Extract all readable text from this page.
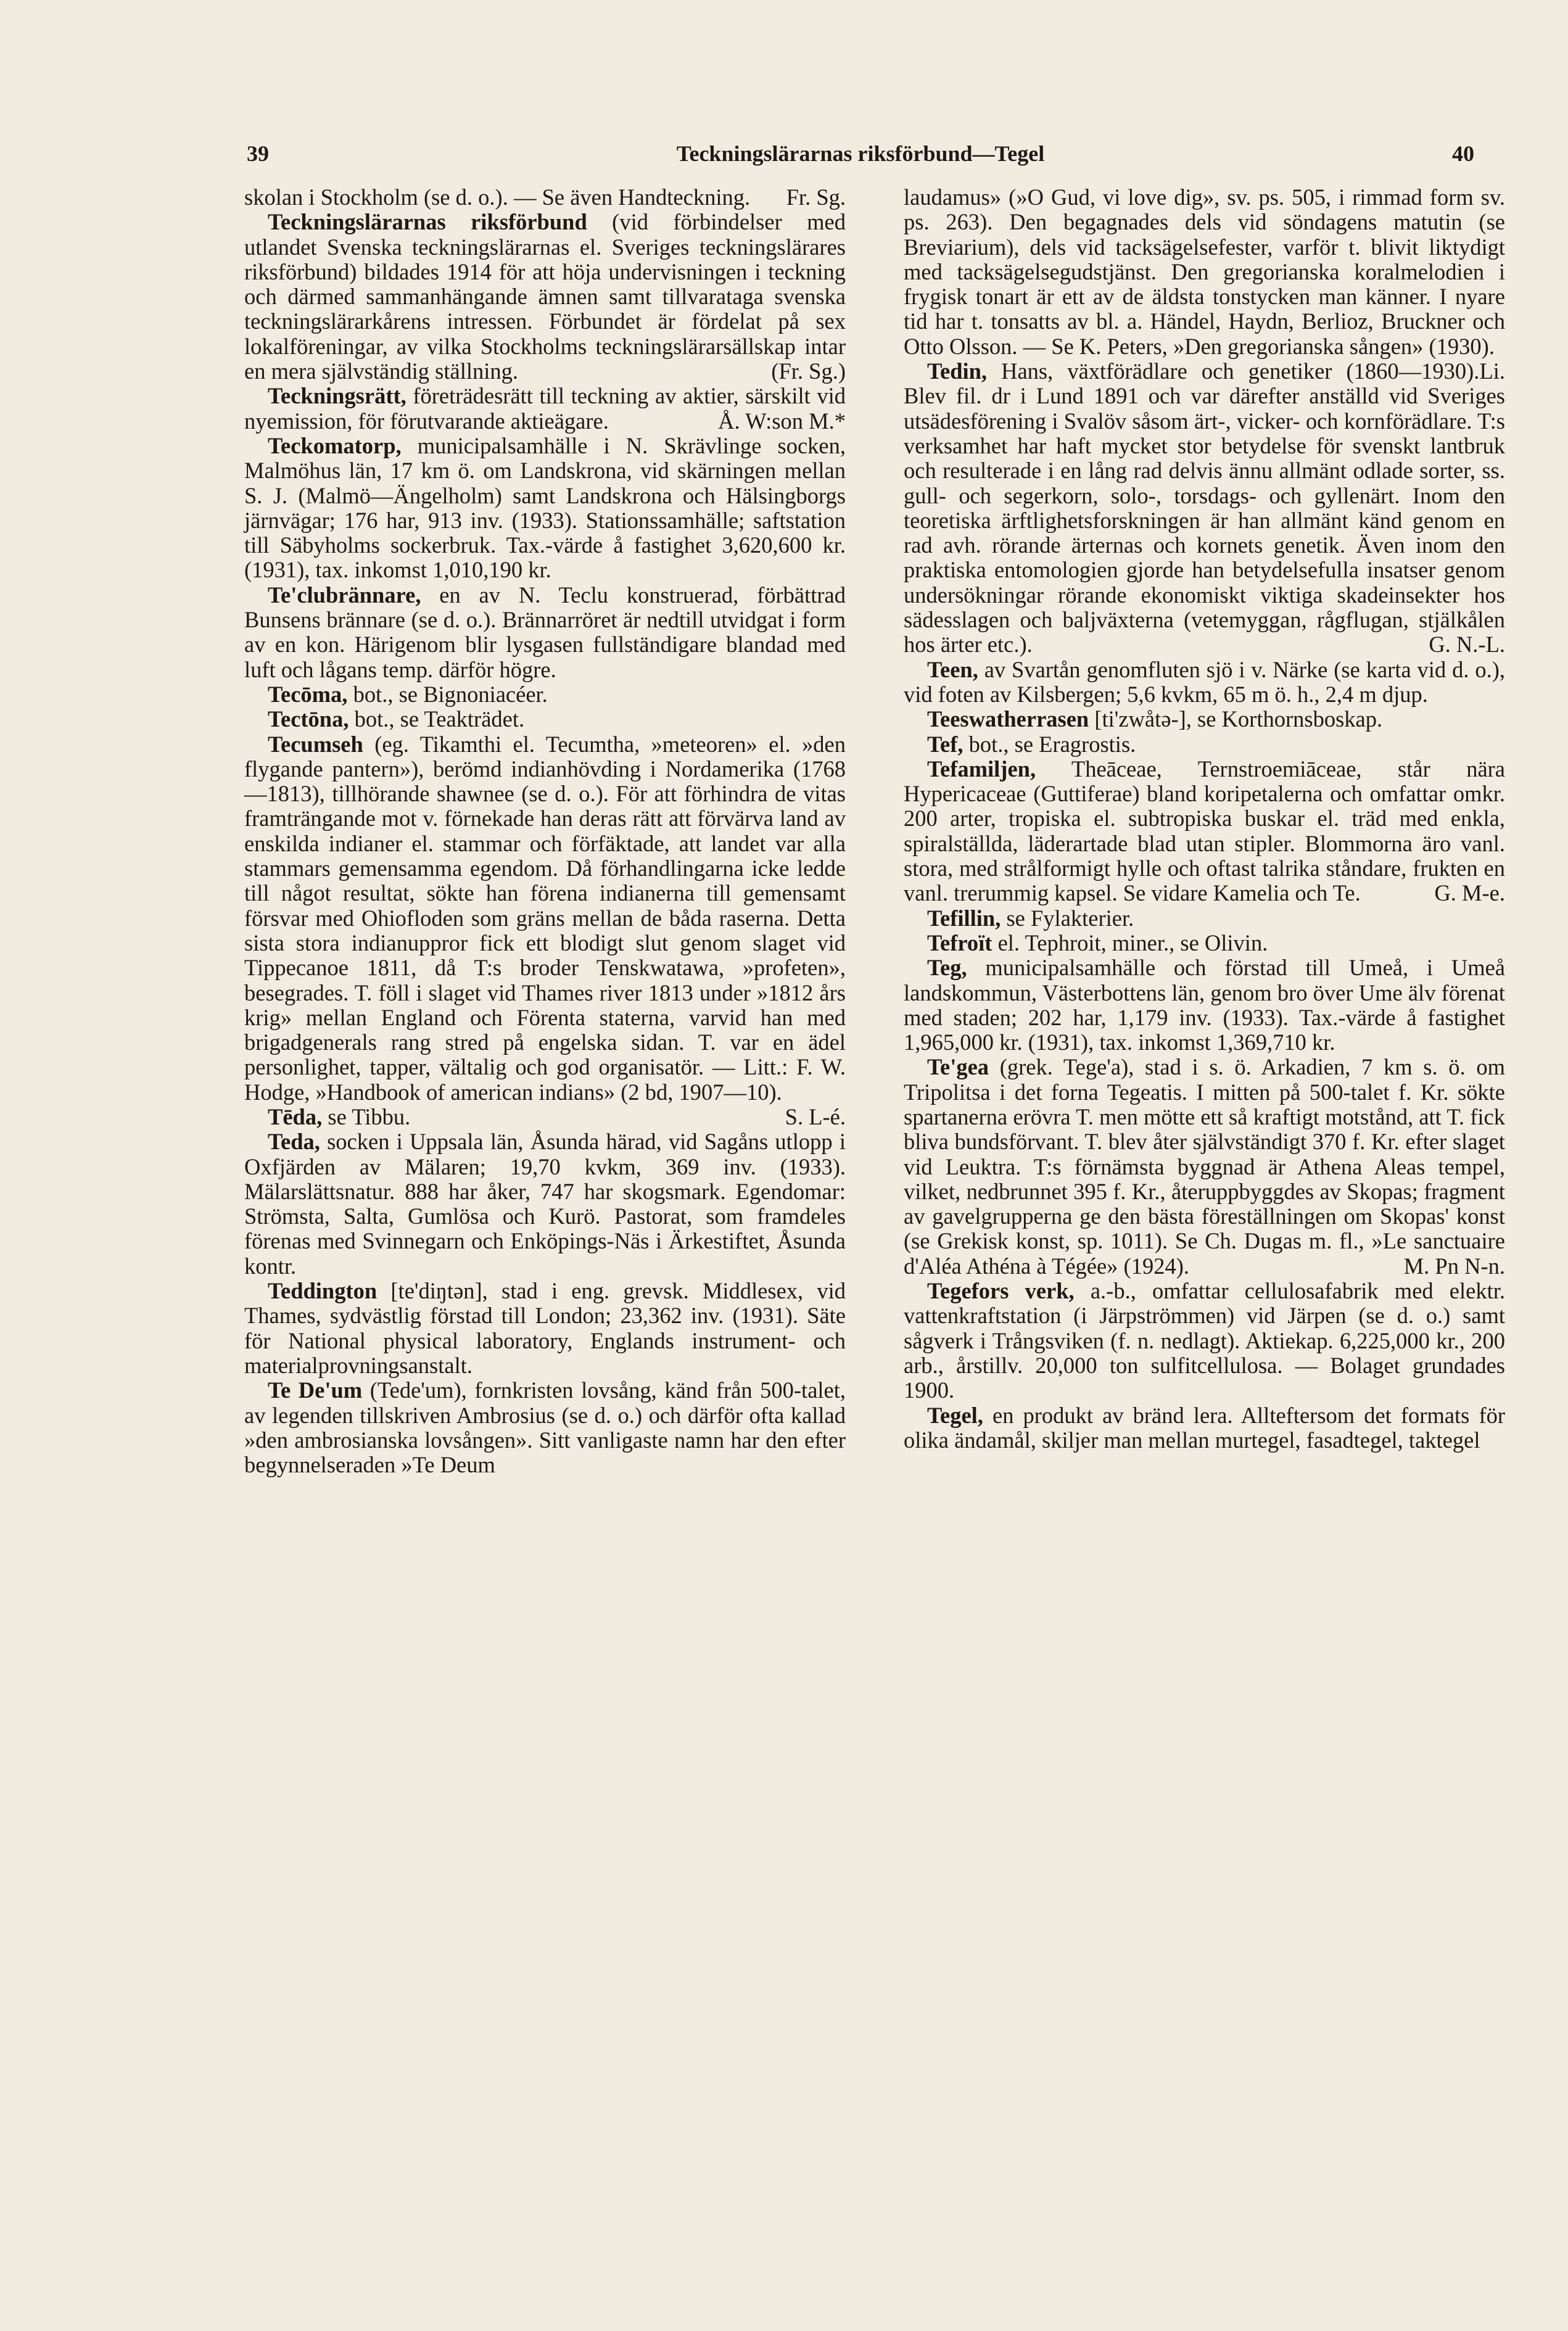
39	Teckningslärarnas riksförbund—Tegel	40

skolan i Stockholm (se d. o.). — Se även Handteckning. Fr. Sg.

Teckningslärarnas riksförbund (vid förbindelser med utlandet Svenska teckningslärarnas el. Sveriges teckningslärares riksförbund) bildades 1914 för att höja undervisningen i teckning och därmed sammanhängande ämnen samt tillvarataga svenska teckningslärarkårens intressen. Förbundet är fördelat på sex lokalföreningar, av vilka Stockholms teckningslärarsällskap intar en mera självständig ställning.	(Fr. Sg.)

Teckningsrätt, företrädesrätt till teckning av aktier, särskilt vid nyemission, för förutvarande aktieägare.	Å. W:son M.*

Teckomatorp, municipalsamhälle i N. Skrävlinge socken, Malmöhus län, 17 km ö. om Landskrona, vid skärningen mellan S. J. (Malmö—Ängelholm) samt Landskrona och Hälsingborgs järnvägar; 176 har, 913 inv. (1933). Stationssamhälle; saftstation till Säbyholms sockerbruk. Tax.-värde å fastighet 3,620,600 kr. (1931), tax. inkomst 1,010,190 kr.

Te'clubrännare, en av N. Teclu konstruerad, förbättrad Bunsens brännare (se d. o.). Brännarröret är nedtill utvidgat i form av en kon. Härigenom blir lysgasen fullständigare blandad med luft och lågans temp. därför högre.

Tecōma, bot., se Bignoniacéer.

Tectōna, bot., se Teakträdet.

Tecumseh (eg. Tikamthi el. Tecumtha, »meteoren» el. »den flygande pantern»), berömd indianhövding i Nordamerika (1768—1813), tillhörande shawnee (se d. o.). För att förhindra de vitas framträngande mot v. förnekade han deras rätt att förvärva land av enskilda indianer el. stammar och förfäktade, att landet var alla stammars gemensamma egendom. Då förhandlingarna icke ledde till något resultat, sökte han förena indianerna till gemensamt försvar med Ohiofloden som gräns mellan de båda raserna. Detta sista stora indianuppror fick ett blodigt slut genom slaget vid Tippecanoe 1811, då T:s broder Tenskwatawa, »profeten», besegrades. T. föll i slaget vid Thames river 1813 under »1812 års krig» mellan England och Förenta staterna, varvid han med brigadgenerals rang stred på engelska sidan. T. var en ädel personlighet, tapper, vältalig och god organisatör. — Litt.: F. W. Hodge, »Handbook of american indians» (2 bd, 1907—10).
S. L-é.

Tēda, se Tibbu.

Teda, socken i Uppsala län, Åsunda härad, vid Sagåns utlopp i Oxfjärden av Mälaren; 19,70 kvkm, 369 inv. (1933). Mälarslättsnatur. 888 har åker, 747 har skogsmark. Egendomar: Strömsta, Salta, Gumlösa och Kurö. Pastorat, som framdeles förenas med Svinnegarn och Enköpings-Näs i Ärkestiftet, Åsunda kontr.

Teddington [te'diŋtən], stad i eng. grevsk. Middlesex, vid Thames, sydvästlig förstad till London; 23,362 inv. (1931). Säte för National physical laboratory, Englands instrument- och materialprovningsanstalt.

Te De'um (Tede'um), fornkristen lovsång, känd från 500-talet, av legenden tillskriven Ambrosius (se d. o.) och därför ofta kallad »den ambrosianska lovsången». Sitt vanligaste namn har den efter begynnelseraden »Te Deum

laudamus» (»O Gud, vi love dig», sv. ps. 505, i rimmad form sv. ps. 263). Den begagnades dels vid söndagens matutin (se Breviarium), dels vid tacksägelsefester, varför t. blivit liktydigt med tacksägelsegudstjänst. Den gregorianska koralmelodien i frygisk tonart är ett av de äldsta tonstycken man känner. I nyare tid har t. tonsatts av bl. a. Händel, Haydn, Berlioz, Bruckner och Otto Olsson. — Se K. Peters, »Den gregorianska sången» (1930).
Li.

Tedin, Hans, växtförädlare och genetiker (1860—1930). Blev fil. dr i Lund 1891 och var därefter anställd vid Sveriges utsädesförening i Svalöv såsom ärt-, vicker- och kornförädlare. T:s verksamhet har haft mycket stor betydelse för svenskt lantbruk och resulterade i en lång rad delvis ännu allmänt odlade sorter, ss. gull- och segerkorn, solo-, torsdags- och gyllenärt. Inom den teoretiska ärftlighetsforskningen är han allmänt känd genom en rad avh. rörande ärternas och kornets genetik. Även inom den praktiska entomologien gjorde han betydelsefulla insatser genom undersökningar rörande ekonomiskt viktiga skadeinsekter hos sädesslagen och baljväxterna (vetemyggan, rågflugan, stjälkålen hos ärter etc.).	G. N.-L.

Teen, av Svartån genomfluten sjö i v. Närke (se karta vid d. o.), vid foten av Kilsbergen; 5,6 kvkm, 65 m ö. h., 2,4 m djup.

Teeswatherrasen [ti'zwåtə-], se Korthornsboskap.

Tef, bot., se Eragrostis.

Tefamiljen, Theāceae, Ternstroemiāceae, står nära Hypericaceae (Guttiferae) bland koripetalerna och omfattar omkr. 200 arter, tropiska el. subtropiska buskar el. träd med enkla, spiralställda, läderartade blad utan stipler. Blommorna äro vanl. stora, med strålformigt hylle och oftast talrika ståndare, frukten en vanl. trerummig kapsel. Se vidare Kamelia och Te.	G. M-e.

Tefillin, se Fylakterier.

Tefroït el. Tephroit, miner., se Olivin.

Teg, municipalsamhälle och förstad till Umeå, i Umeå landskommun, Västerbottens län, genom bro över Ume älv förenat med staden; 202 har, 1,179 inv. (1933). Tax.-värde å fastighet 1,965,000 kr. (1931), tax. inkomst 1,369,710 kr.

Te'gea (grek. Tege'a), stad i s. ö. Arkadien, 7 km s. ö. om Tripolitsa i det forna Tegeatis. I mitten på 500-talet f. Kr. sökte spartanerna erövra T. men mötte ett så kraftigt motstånd, att T. fick bliva bundsförvant. T. blev åter självständigt 370 f. Kr. efter slaget vid Leuktra. T:s förnämsta byggnad är Athena Aleas tempel, vilket, nedbrunnet 395 f. Kr., återuppbyggdes av Skopas; fragment av gavelgrupperna ge den bästa föreställningen om Skopas' konst (se Grekisk konst, sp. 1011). Se Ch. Dugas m. fl., »Le sanctuaire d'Aléa Athéna à Tégée» (1924).	M. Pn N-n.

Tegefors verk, a.-b., omfattar cellulosafabrik med elektr. vattenkraftstation (i Järpströmmen) vid Järpen (se d. o.) samt sågverk i Trångsviken (f. n. nedlagt). Aktiekap. 6,225,000 kr., 200 arb., årstillv. 20,000 ton sulfitcellulosa. — Bolaget grundades 1900.

Tegel, en produkt av bränd lera. Allteftersom det formats för olika ändamål, skiljer man mellan murtegel, fasadtegel, taktegel
